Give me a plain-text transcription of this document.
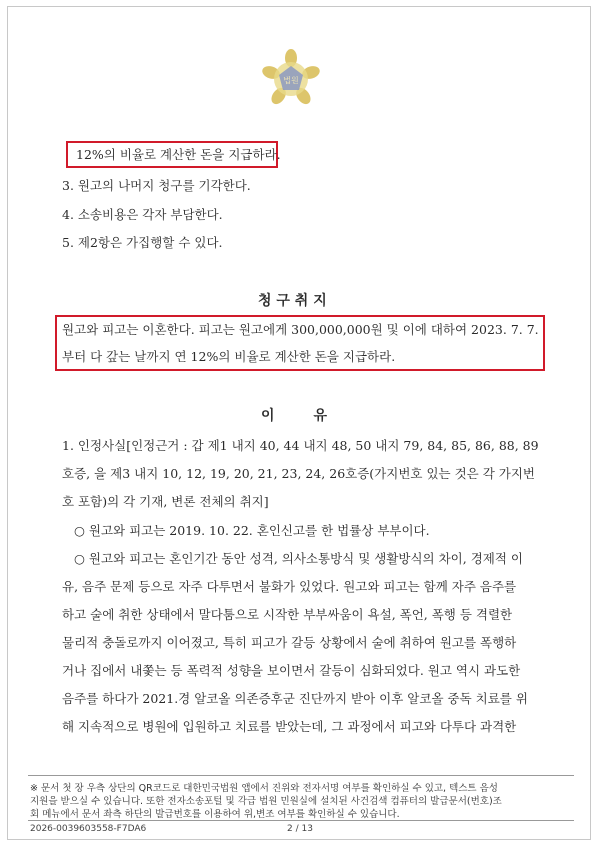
법원
12%의 비율로 계산한 돈을 지급하라.
3. 원고의 나머지 청구를 기각한다.
4. 소송비용은 각자 부담한다.
5. 제2항은 가집행할 수 있다.
청 구 취 지
원고와 피고는 이혼한다. 피고는 원고에게 300,000,000원 및 이에 대하여 2023. 7. 7.
부터 다 갚는 날까지 연 12%의 비율로 계산한 돈을 지급하라.
이        유
1. 인정사실[인정근거 : 갑 제1 내지 40, 44 내지 48, 50 내지 79, 84, 85, 86, 88, 89
호증, 을 제3 내지 10, 12, 19, 20, 21, 23, 24, 26호증(가지번호 있는 것은 각 가지번
호 포함)의 각 기재, 변론 전체의 취지]
○ 원고와 피고는 2019. 10. 22. 혼인신고를 한 법률상 부부이다.
○ 원고와 피고는 혼인기간 동안 성격, 의사소통방식 및 생활방식의 차이, 경제적 이
유, 음주 문제 등으로 자주 다투면서 불화가 있었다. 원고와 피고는 함께 자주 음주를
하고 술에 취한 상태에서 말다툼으로 시작한 부부싸움이 욕설, 폭언, 폭행 등 격렬한
물리적 충돌로까지 이어졌고, 특히 피고가 갈등 상황에서 술에 취하여 원고를 폭행하
거나 집에서 내쫓는 등 폭력적 성향을 보이면서 갈등이 심화되었다. 원고 역시 과도한
음주를 하다가 2021.경 알코올 의존증후군 진단까지 받아 이후 알코올 중독 치료를 위
해 지속적으로 병원에 입원하고 치료를 받았는데, 그 과정에서 피고와 다투다 과격한
※ 문서 첫 장 우측 상단의 QR코드로 대한민국법원 앱에서 진위와 전자서명 여부를 확인하실 수 있고, 텍스트 음성
지원을 받으실 수 있습니다. 또한 전자소송포털 및 각급 법원 민원실에 설치된 사건검색 컴퓨터의 발급문서(번호)조
회 메뉴에서 문서 좌측 하단의 발급번호를 이용하여 위,변조 여부를 확인하실 수 있습니다.
2026-0039603558-F7DA6	2 / 13
